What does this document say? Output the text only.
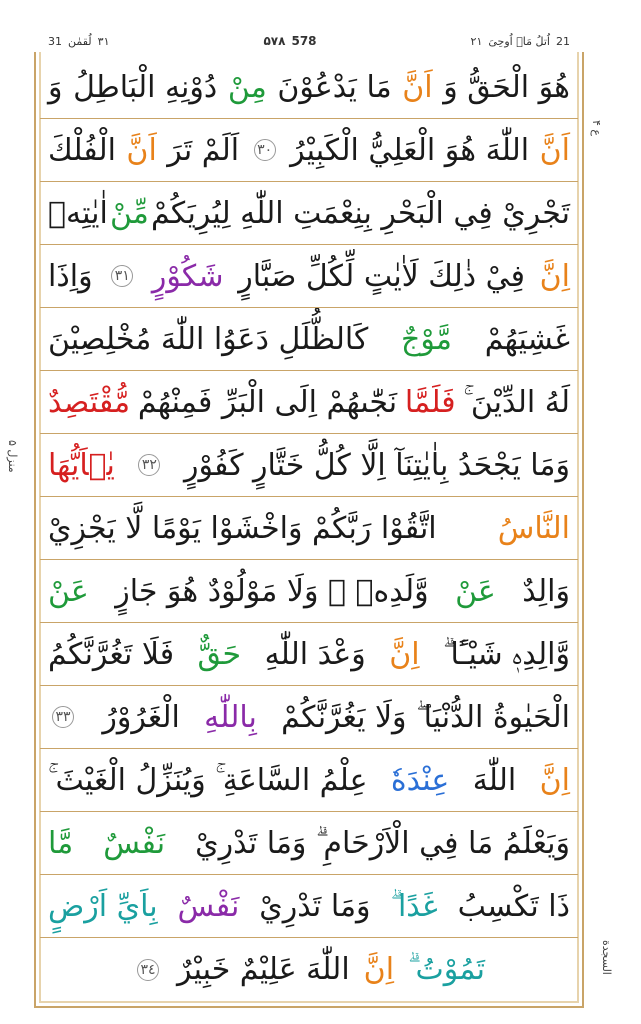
٣١
لُقمٰن
31	578
۵۷۸	21
اُتلُ مَاۤ اُوحِیَ
٢١
منزل ۵
ع ۴
السجدة
هُوَ الْحَقُّ وَ
اَنَّ
مَا يَدْعُوْنَ
مِنْ
دُوْنِهِ الْبَاطِلُ
وَ
اَنَّ
اللّٰهَ هُوَ الْعَلِيُّ الْكَبِيْرُ
٣٠
اَلَمْ تَرَ
اَنَّ
الْفُلْكَ
تَجْرِيْ فِي الْبَحْرِ بِنِعْمَتِ اللّٰهِ لِيُرِيَكُمْ
مِّنْ
اٰيٰتِهٖ
اِنَّ
فِيْ ذٰلِكَ لَاٰيٰتٍ لِّكُلِّ صَبَّارٍ
شَكُوْرٍ
٣١
وَاِذَا
غَشِيَهُمْ
مَّوْجٌ
كَالظُّلَلِ دَعَوُا اللّٰهَ مُخْلِصِيْنَ
لَهُ الدِّيْنَ ۚ
فَلَمَّا
نَجّٰىهُمْ اِلَى الْبَرِّ فَمِنْهُمْ
مُّقْتَصِدٌ
وَمَا يَجْحَدُ بِاٰيٰتِنَآ اِلَّا كُلُّ خَتَّارٍ كَفُوْرٍ
٣٢
يٰۤاَيُّهَا
النَّاسُ
اتَّقُوْا رَبَّكُمْ وَاخْشَوْا يَوْمًا لَّا يَجْزِيْ
وَالِدٌ
عَنْ
وَّلَدِهٖ ۚ وَلَا مَوْلُوْدٌ هُوَ جَازٍ
عَنْ
وَّالِدِهٖ شَيْـًٔا ۗ
اِنَّ
وَعْدَ اللّٰهِ
حَقٌّ
فَلَا تَغُرَّنَّكُمُ
الْحَيٰوةُ الدُّنْيَا ۖ وَلَا يَغُرَّنَّكُمْ
بِاللّٰهِ
الْغَرُوْرُ
٣٣
اِنَّ
اللّٰهَ
عِنْدَهٗ
عِلْمُ السَّاعَةِ ۚ وَيُنَزِّلُ الْغَيْثَ ۚ
وَيَعْلَمُ مَا فِي الْاَرْحَامِ ۗ وَمَا تَدْرِيْ
نَفْسٌ
مَّا
ذَا تَكْسِبُ
غَدًا ۗ
وَمَا تَدْرِيْ
نَفْسٌ
بِاَيِّ اَرْضٍ
تَمُوْتُ ۗ
اِنَّ
اللّٰهَ عَلِيْمٌ خَبِيْرٌ
٣٤
